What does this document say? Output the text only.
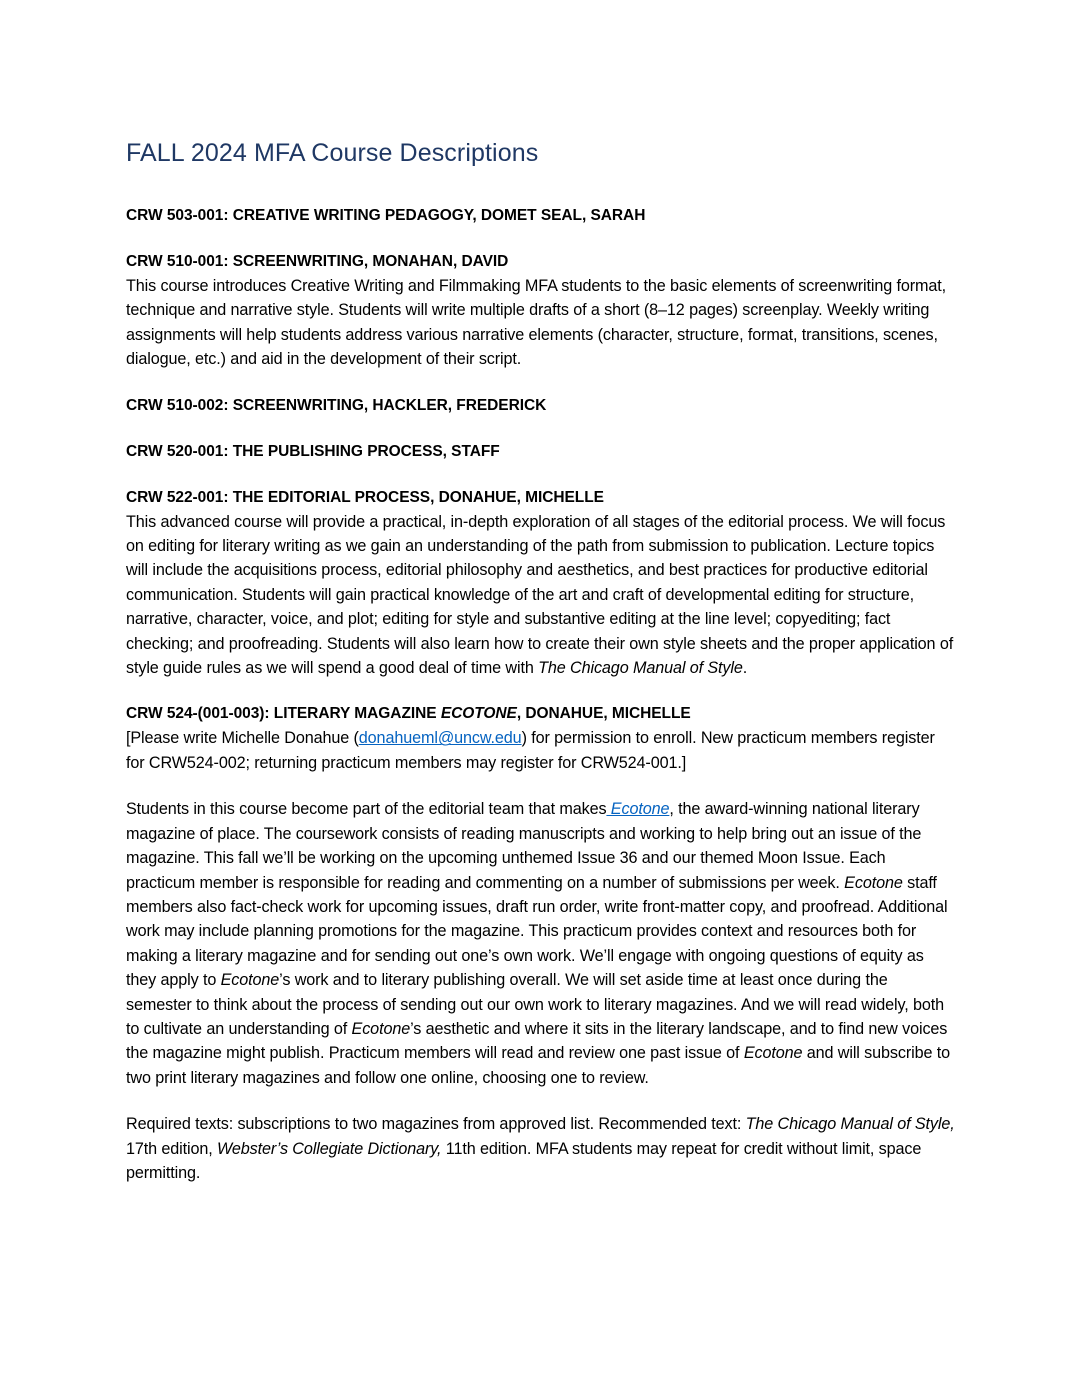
FALL 2024 MFA Course Descriptions

CRW 503-001: CREATIVE WRITING PEDAGOGY, DOMET SEAL, SARAH

CRW 510-001: SCREENWRITING, MONAHAN, DAVID

This course introduces Creative Writing and Filmmaking MFA students to the basic elements of screenwriting format, technique and narrative style. Students will write multiple drafts of a short (8–12 pages) screenplay. Weekly writing assignments will help students address various narrative elements (character, structure, format, transitions, scenes, dialogue, etc.) and aid in the development of their script.

CRW 510-002: SCREENWRITING, HACKLER, FREDERICK

CRW 520-001: THE PUBLISHING PROCESS, STAFF

CRW 522-001: THE EDITORIAL PROCESS, DONAHUE, MICHELLE

This advanced course will provide a practical, in-depth exploration of all stages of the editorial process. We will focus on editing for literary writing as we gain an understanding of the path from submission to publication. Lecture topics will include the acquisitions process, editorial philosophy and aesthetics, and best practices for productive editorial communication. Students will gain practical knowledge of the art and craft of developmental editing for structure, narrative, character, voice, and plot; editing for style and substantive editing at the line level; copyediting; fact checking; and proofreading. Students will also learn how to create their own style sheets and the proper application of style guide rules as we will spend a good deal of time with The Chicago Manual of Style.

CRW 524-(001-003): LITERARY MAGAZINE ECOTONE, DONAHUE, MICHELLE

[Please write Michelle Donahue (donahueml@uncw.edu) for permission to enroll. New practicum members register for CRW524-002; returning practicum members may register for CRW524-001.]

Students in this course become part of the editorial team that makes Ecotone, the award-winning national literary magazine of place. The coursework consists of reading manuscripts and working to help bring out an issue of the magazine. This fall we’ll be working on the upcoming unthemed Issue 36 and our themed Moon Issue. Each practicum member is responsible for reading and commenting on a number of submissions per week. Ecotone staff members also fact-check work for upcoming issues, draft run order, write front-matter copy, and proofread. Additional work may include planning promotions for the magazine. This practicum provides context and resources both for making a literary magazine and for sending out one’s own work. We’ll engage with ongoing questions of equity as they apply to Ecotone’s work and to literary publishing overall. We will set aside time at least once during the semester to think about the process of sending out our own work to literary magazines. And we will read widely, both to cultivate an understanding of Ecotone’s aesthetic and where it sits in the literary landscape, and to find new voices the magazine might publish. Practicum members will read and review one past issue of Ecotone and will subscribe to two print literary magazines and follow one online, choosing one to review.

Required texts: subscriptions to two magazines from approved list. Recommended text: The Chicago Manual of Style, 17th edition, Webster’s Collegiate Dictionary, 11th edition. MFA students may repeat for credit without limit, space permitting.
